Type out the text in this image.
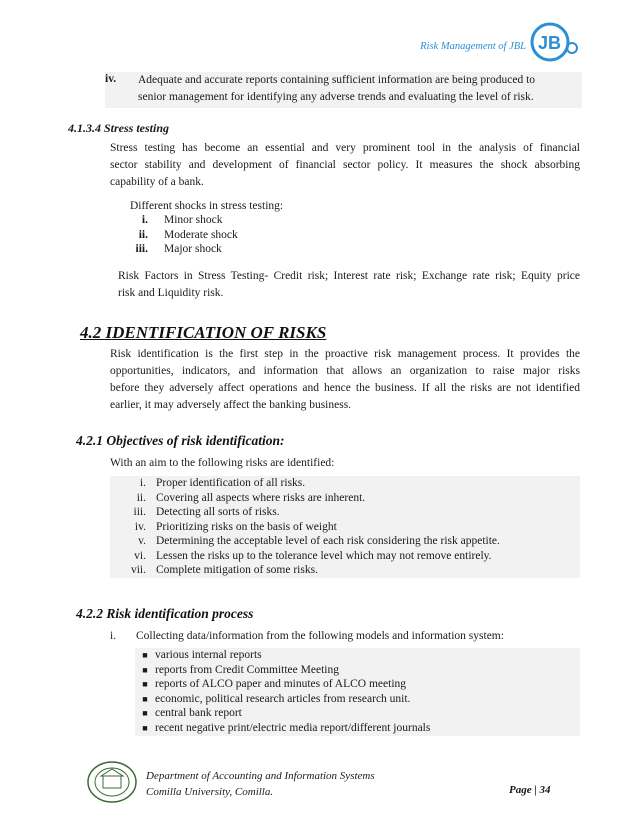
Risk Management of JBL JB
iv. Adequate and accurate reports containing sufficient information are being produced to
senior management for identifying any adverse trends and evaluating the level of risk.
4.1.3.4 Stress testing

Stress testing has become an essential and very prominent tool in the analysis of financial

sector stability and development of financial sector policy. It measures the shock absorbing

capability of a bank.

Different shocks in stress testing:
i.	Minor shock
ii.	Moderate shock
iii.	Major shock

Risk Factors in Stress Testing- Credit risk; Interest rate risk; Exchange rate risk; Equity price

risk and Liquidity risk.

4.2 IDENTIFICATION OF RISKS

Risk identification is the first step in the proactive risk management process. It provides the

opportunities, indicators, and information that allows an organization to raise major risks

before they adversely affect operations and hence the business. If all the risks are not identified

earlier, it may adversely affect the banking business.

4.2.1 Objectives of risk identification:
With an aim to the following risks are identified:
i. Proper identification of all risks.
ii. Covering all aspects where risks are inherent.
iii. Detecting all sorts of risks.
iv. Prioritizing risks on the basis of weight
v. Determining the acceptable level of each risk considering the risk appetite.
vi. Lessen the risks up to the tolerance level which may not remove entirely.
vii. Complete mitigation of some risks.
4.2.2 Risk identification process
i.	Collecting data/information from the following models and information system:
■ various internal reports
■ reports from Credit Committee Meeting
■ reports of ALCO paper and minutes of ALCO meeting
■ economic, political research articles from research unit.
■ central bank report
■ recent negative print/electric media report/different journals
Department of Accounting and Information Systems
Comilla University, Comilla.	Page | 34
